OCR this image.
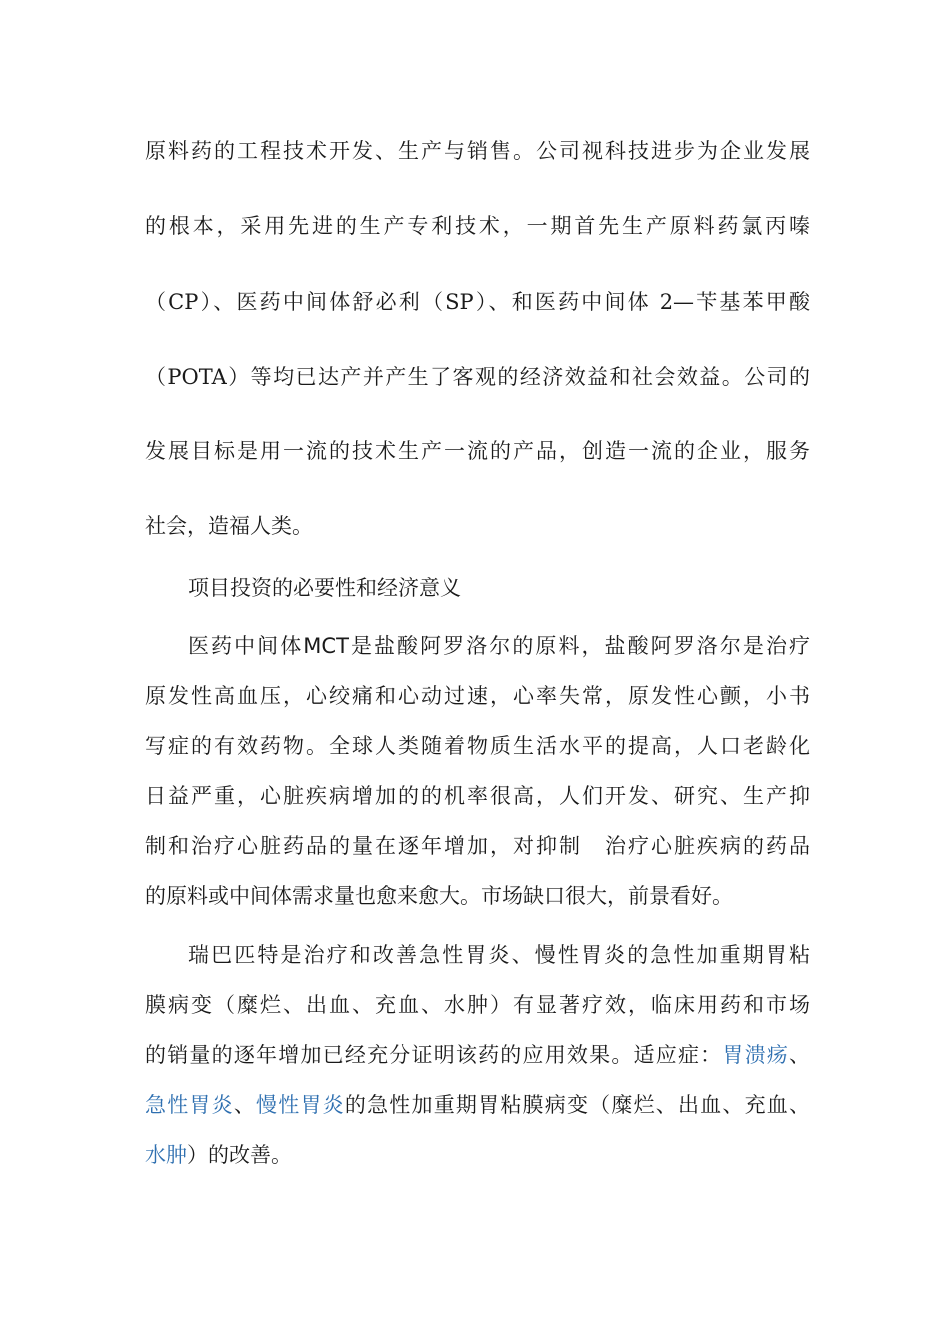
原料药的工程技术开发、生产与销售。公司视科技进步为企业发展
的根本，采用先进的生产专利技术，一期首先生产原料药氯丙嗪
（CP）、医药中间体舒必利（SP）、和医药中间体 2—苄基苯甲酸
（POTA）等均已达产并产生了客观的经济效益和社会效益。公司的
发展目标是用一流的技术生产一流的产品，创造一流的企业，服务
社会，造福人类。
项目投资的必要性和经济意义
医药中间体MCT是盐酸阿罗洛尔的原料，盐酸阿罗洛尔是治疗
原发性高血压，心绞痛和心动过速，心率失常，原发性心颤，小书
写症的有效药物。全球人类随着物质生活水平的提高，人口老龄化
日益严重，心脏疾病增加的的机率很高，人们开发、研究、生产抑
制和治疗心脏药品的量在逐年增加，对抑制　治疗心脏疾病的药品
的原料或中间体需求量也愈来愈大。市场缺口很大，前景看好。
瑞巴匹特是治疗和改善急性胃炎、慢性胃炎的急性加重期胃粘
膜病变（糜烂、出血、充血、水肿）有显著疗效，临床用药和市场
的销量的逐年增加已经充分证明该药的应用效果。适应症：胃溃疡、
急性胃炎、慢性胃炎的急性加重期胃粘膜病变（糜烂、出血、充血、
水肿）的改善。
